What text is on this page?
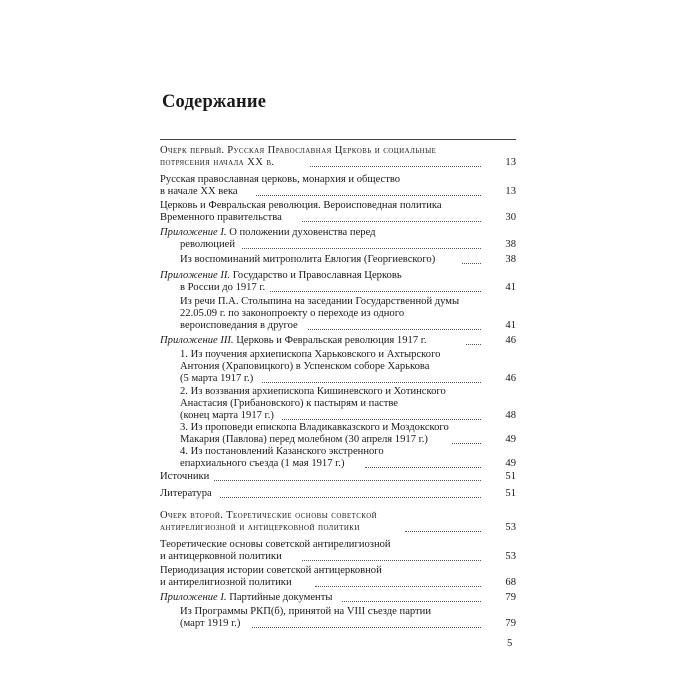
Содержание
Очерк первый. Русская Православная Церковь и социальные
потрясения начала XX в.	13
Русская православная церковь, монархия и общество
в начале XX века	13
Церковь и Февральская революция. Вероисповедная политика
Временного правительства	30
Приложение I. О положении духовенства перед
революцией	38
Из воспоминаний митрополита Евлогия (Георгиевского)	38
Приложение II. Государство и Православная Церковь
в России до 1917 г.	41
Из речи П.А. Столыпина на заседании Государственной думы
22.05.09 г. по законопроекту о переходе из одного
вероисповедания в другое	41
Приложение III. Церковь и Февральская революция 1917 г.	46
1. Из поучения архиепископа Харьковского и Ахтырского
Антония (Храповицкого) в Успенском соборе Харькова
(5 марта 1917 г.)	46
2. Из воззвания архиепископа Кишиневского и Хотинского
Анастасия (Грибановского) к пастырям и пастве
(конец марта 1917 г.)	48
3. Из проповеди епископа Владикавказского и Моздокского
Макария (Павлова) перед молебном (30 апреля 1917 г.)	49
4. Из постановлений Казанского экстренного
епархиального съезда (1 мая 1917 г.)	49
Источники	51
Литература	51
Очерк второй. Теоретические основы советской
антирелигиозной и антицерковной политики	53
Теоретические основы советской антирелигиозной
и антицерковной политики	53
Периодизация истории советской антицерковной
и антирелигиозной политики	68
Приложение I. Партийные документы	79
Из Программы РКП(б), принятой на VIII съезде партии
(март 1919 г.)	79
5
